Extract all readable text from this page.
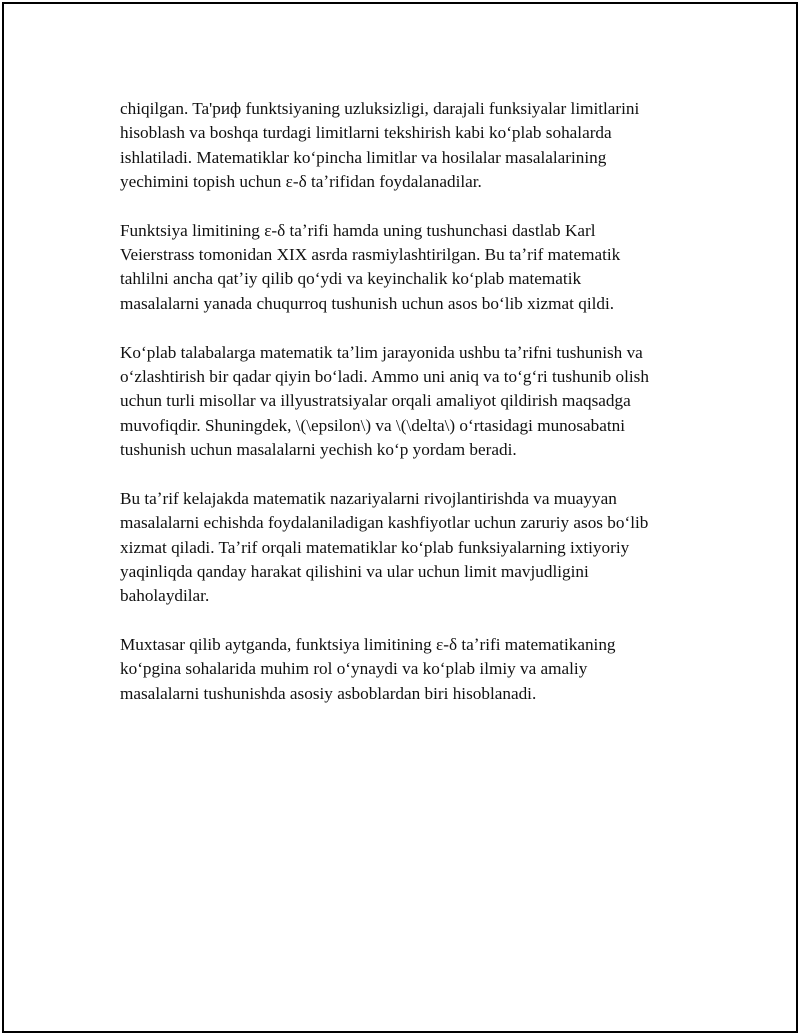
chiqilgan. Ta'риф funktsiyaning uzluksizligi, darajali funksiyalar limitlarini
hisoblash va boshqa turdagi limitlarni tekshirish kabi koʻplab sohalarda
ishlatiladi. Matematiklar koʻpincha limitlar va hosilalar masalalarining
yechimini topish uchun ε-δ taʼrifidan foydalanadilar.

Funktsiya limitining ε-δ taʼrifi hamda uning tushunchasi dastlab Karl
Veierstrass tomonidan XIX asrda rasmiylashtirilgan. Bu taʼrif matematik
tahlilni ancha qatʼiy qilib qoʻydi va keyinchalik koʻplab matematik
masalalarni yanada chuqurroq tushunish uchun asos boʻlib xizmat qildi.

Koʻplab talabalarga matematik taʼlim jarayonida ushbu taʼrifni tushunish va
oʻzlashtirish bir qadar qiyin boʻladi. Ammo uni aniq va toʻgʻri tushunib olish
uchun turli misollar va illyustratsiyalar orqali amaliyot qildirish maqsadga
muvofiqdir. Shuningdek, \(\epsilon\) va \(\delta\) oʻrtasidagi munosabatni
tushunish uchun masalalarni yechish koʻp yordam beradi.

Bu taʼrif kelajakda matematik nazariyalarni rivojlantirishda va muayyan
masalalarni echishda foydalaniladigan kashfiyotlar uchun zaruriy asos boʻlib
xizmat qiladi. Taʼrif orqali matematiklar koʻplab funksiyalarning ixtiyoriy
yaqinliqda qanday harakat qilishini va ular uchun limit mavjudligini
baholaydilar.

Muxtasar qilib aytganda, funktsiya limitining ε-δ taʼrifi matematikaning
koʻpgina sohalarida muhim rol oʻynaydi va koʻplab ilmiy va amaliy
masalalarni tushunishda asosiy asboblardan biri hisoblanadi.
